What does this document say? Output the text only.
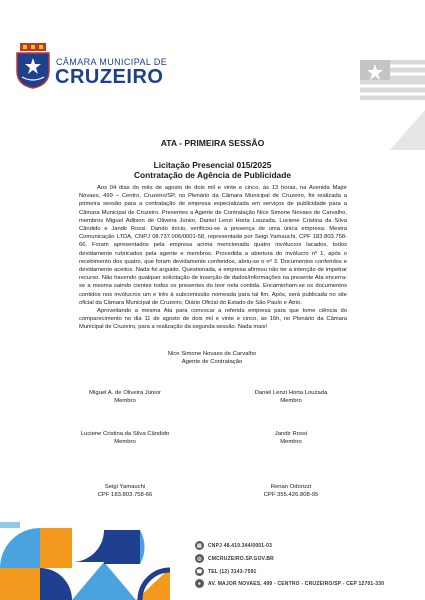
CÂMARA MUNICIPAL DE
CRUZEIRO
ATA - PRIMEIRA SESSÃO
Licitação Presencial 015/2025
Contratação de Agência de Publicidade

Aos 04 dias do mês de agosto de dois mil e vinte e cinco, às 13 horas, na Avenida Major Novaes, 499 – Centro, Cruzeiro/SP, no Plenário da Câmara Municipal de Cruzeiro, foi realizada a primeira sessão para a contratação de empresa especializada em serviços de publicidade para a Câmara Municipal de Cruzeiro. Presentes a Agente de Contratação Nice Simone Novaes de Carvalho, membros Miguel Adilson de Oliveira Júnior, Daniel Lenzi Horta Louzada, Luciene Cristina da Silva Cândido e Jandir Rossi. Dando início, verificou-se a presença de uma única empresa: Mestra Comunicação LTDA, CNPJ 08.737.006/0001-58, representada por Seigi Yamauchi, CPF 183.803.758-66. Foram apresentados pela empresa acima mencionada quatro invólucros lacados, todos devidamente rubricados pela agente e membros. Procedida a abertura do invólucro nº 1, após o recebimento dos quatro, que foram devidamente conferidos, abriu-se o nº 3. Documentos conferidos e devidamente aceitos. Nada foi arguido. Questionada, a empresa afirmou não ter a intenção de impetrar recurso. Não havendo qualquer solicitação de inserção de dados/informações na presente Ata encerra-se a mesma saindo cientes todos os presentes do teor nela contida. Encaminham-se os documentos contidos nos invólucros um e três à subcomissão nomeada para tal fim. Após, será publicada no site oficial da Câmara Municipal de Cruzeiro, Diário Oficial do Estado de São Paulo e Átrio.

Aproveitando a mesma Ata para convocar a referida empresa para que tome ciência do comparecimento no dia 11 de agosto de dois mil e vinte e cinco, às 16h, no Plenário da Câmara Municipal de Cruzeiro, para a realização da segunda sessão. Nada mais!

Nice Simone Novaes de Carvalho
Agente de Contratação
Miguel A. de Oliveira Júnior
Membro
Daniel Lenzi Horta Louzada
Membro
Luciene Cristina da Silva Cândido
Membro
Jandir Rossi
Membro
Seigi Yamauchi
CPF 183.803.758-66
Renan Odorizzi
CPF 355.426.808-95
▤	CNPJ 48.410.344/0001-03
◎	CMCRUZEIRO.SP.GOV.BR
☎ TEL (12) 3143-7591
●	AV. MAJOR NOVAES, 499 - CENTRO - CRUZEIRO/SP - CEP 12701-330
